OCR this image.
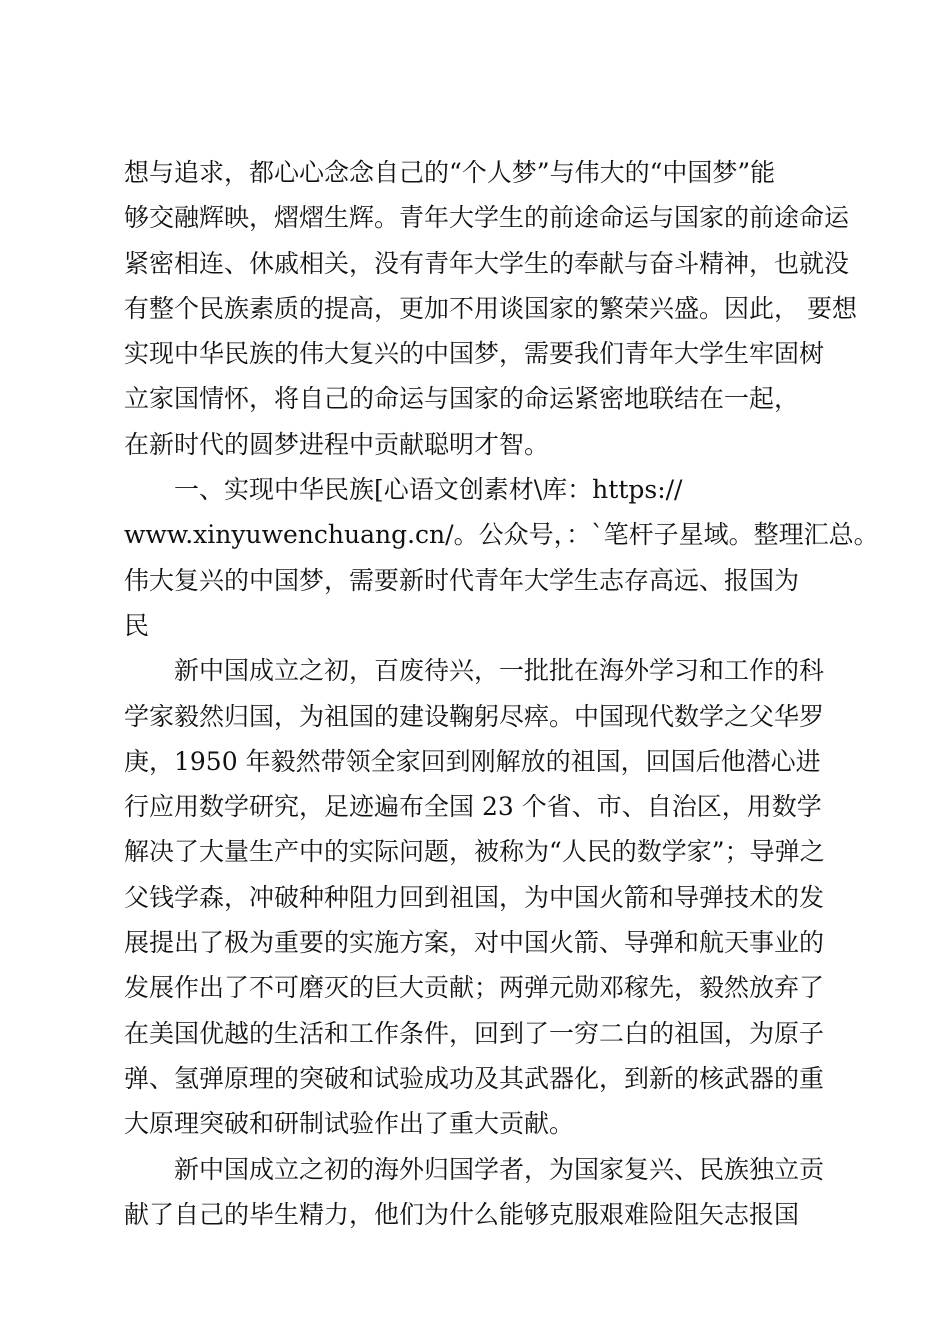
想与追求，都心心念念自己的“个人梦”与伟大的“中国梦”能
够交融辉映，熠熠生辉。青年大学生的前途命运与国家的前途命运
紧密相连、休戚相关，没有青年大学生的奉献与奋斗精神，也就没
有整个民族素质的提高，更加不用谈国家的繁荣兴盛。因此， 要想
实现中华民族的伟大复兴的中国梦，需要我们青年大学生牢固树
立家国情怀，将自己的命运与国家的命运紧密地联结在一起，
在新时代的圆梦进程中贡献聪明才智。
一、实现中华民族[心语文创素材\库：https://
www.xinyuwenchuang.cn/。公众号，：`笔杆子星域。整理汇总。
伟大复兴的中国梦，需要新时代青年大学生志存高远、报国为
民
新中国成立之初，百废待兴，一批批在海外学习和工作的科
学家毅然归国，为祖国的建设鞠躬尽瘁。中国现代数学之父华罗
庚，1950 年毅然带领全家回到刚解放的祖国，回国后他潜心进
行应用数学研究，足迹遍布全国 23 个省、市、自治区，用数学
解决了大量生产中的实际问题，被称为“人民的数学家”；导弹之
父钱学森，冲破种种阻力回到祖国，为中国火箭和导弹技术的发
展提出了极为重要的实施方案，对中国火箭、导弹和航天事业的
发展作出了不可磨灭的巨大贡献；两弹元勋邓稼先，毅然放弃了
在美国优越的生活和工作条件，回到了一穷二白的祖国，为原子
弹、氢弹原理的突破和试验成功及其武器化，到新的核武器的重
大原理突破和研制试验作出了重大贡献。
新中国成立之初的海外归国学者，为国家复兴、民族独立贡
献了自己的毕生精力，他们为什么能够克服艰难险阻矢志报国
